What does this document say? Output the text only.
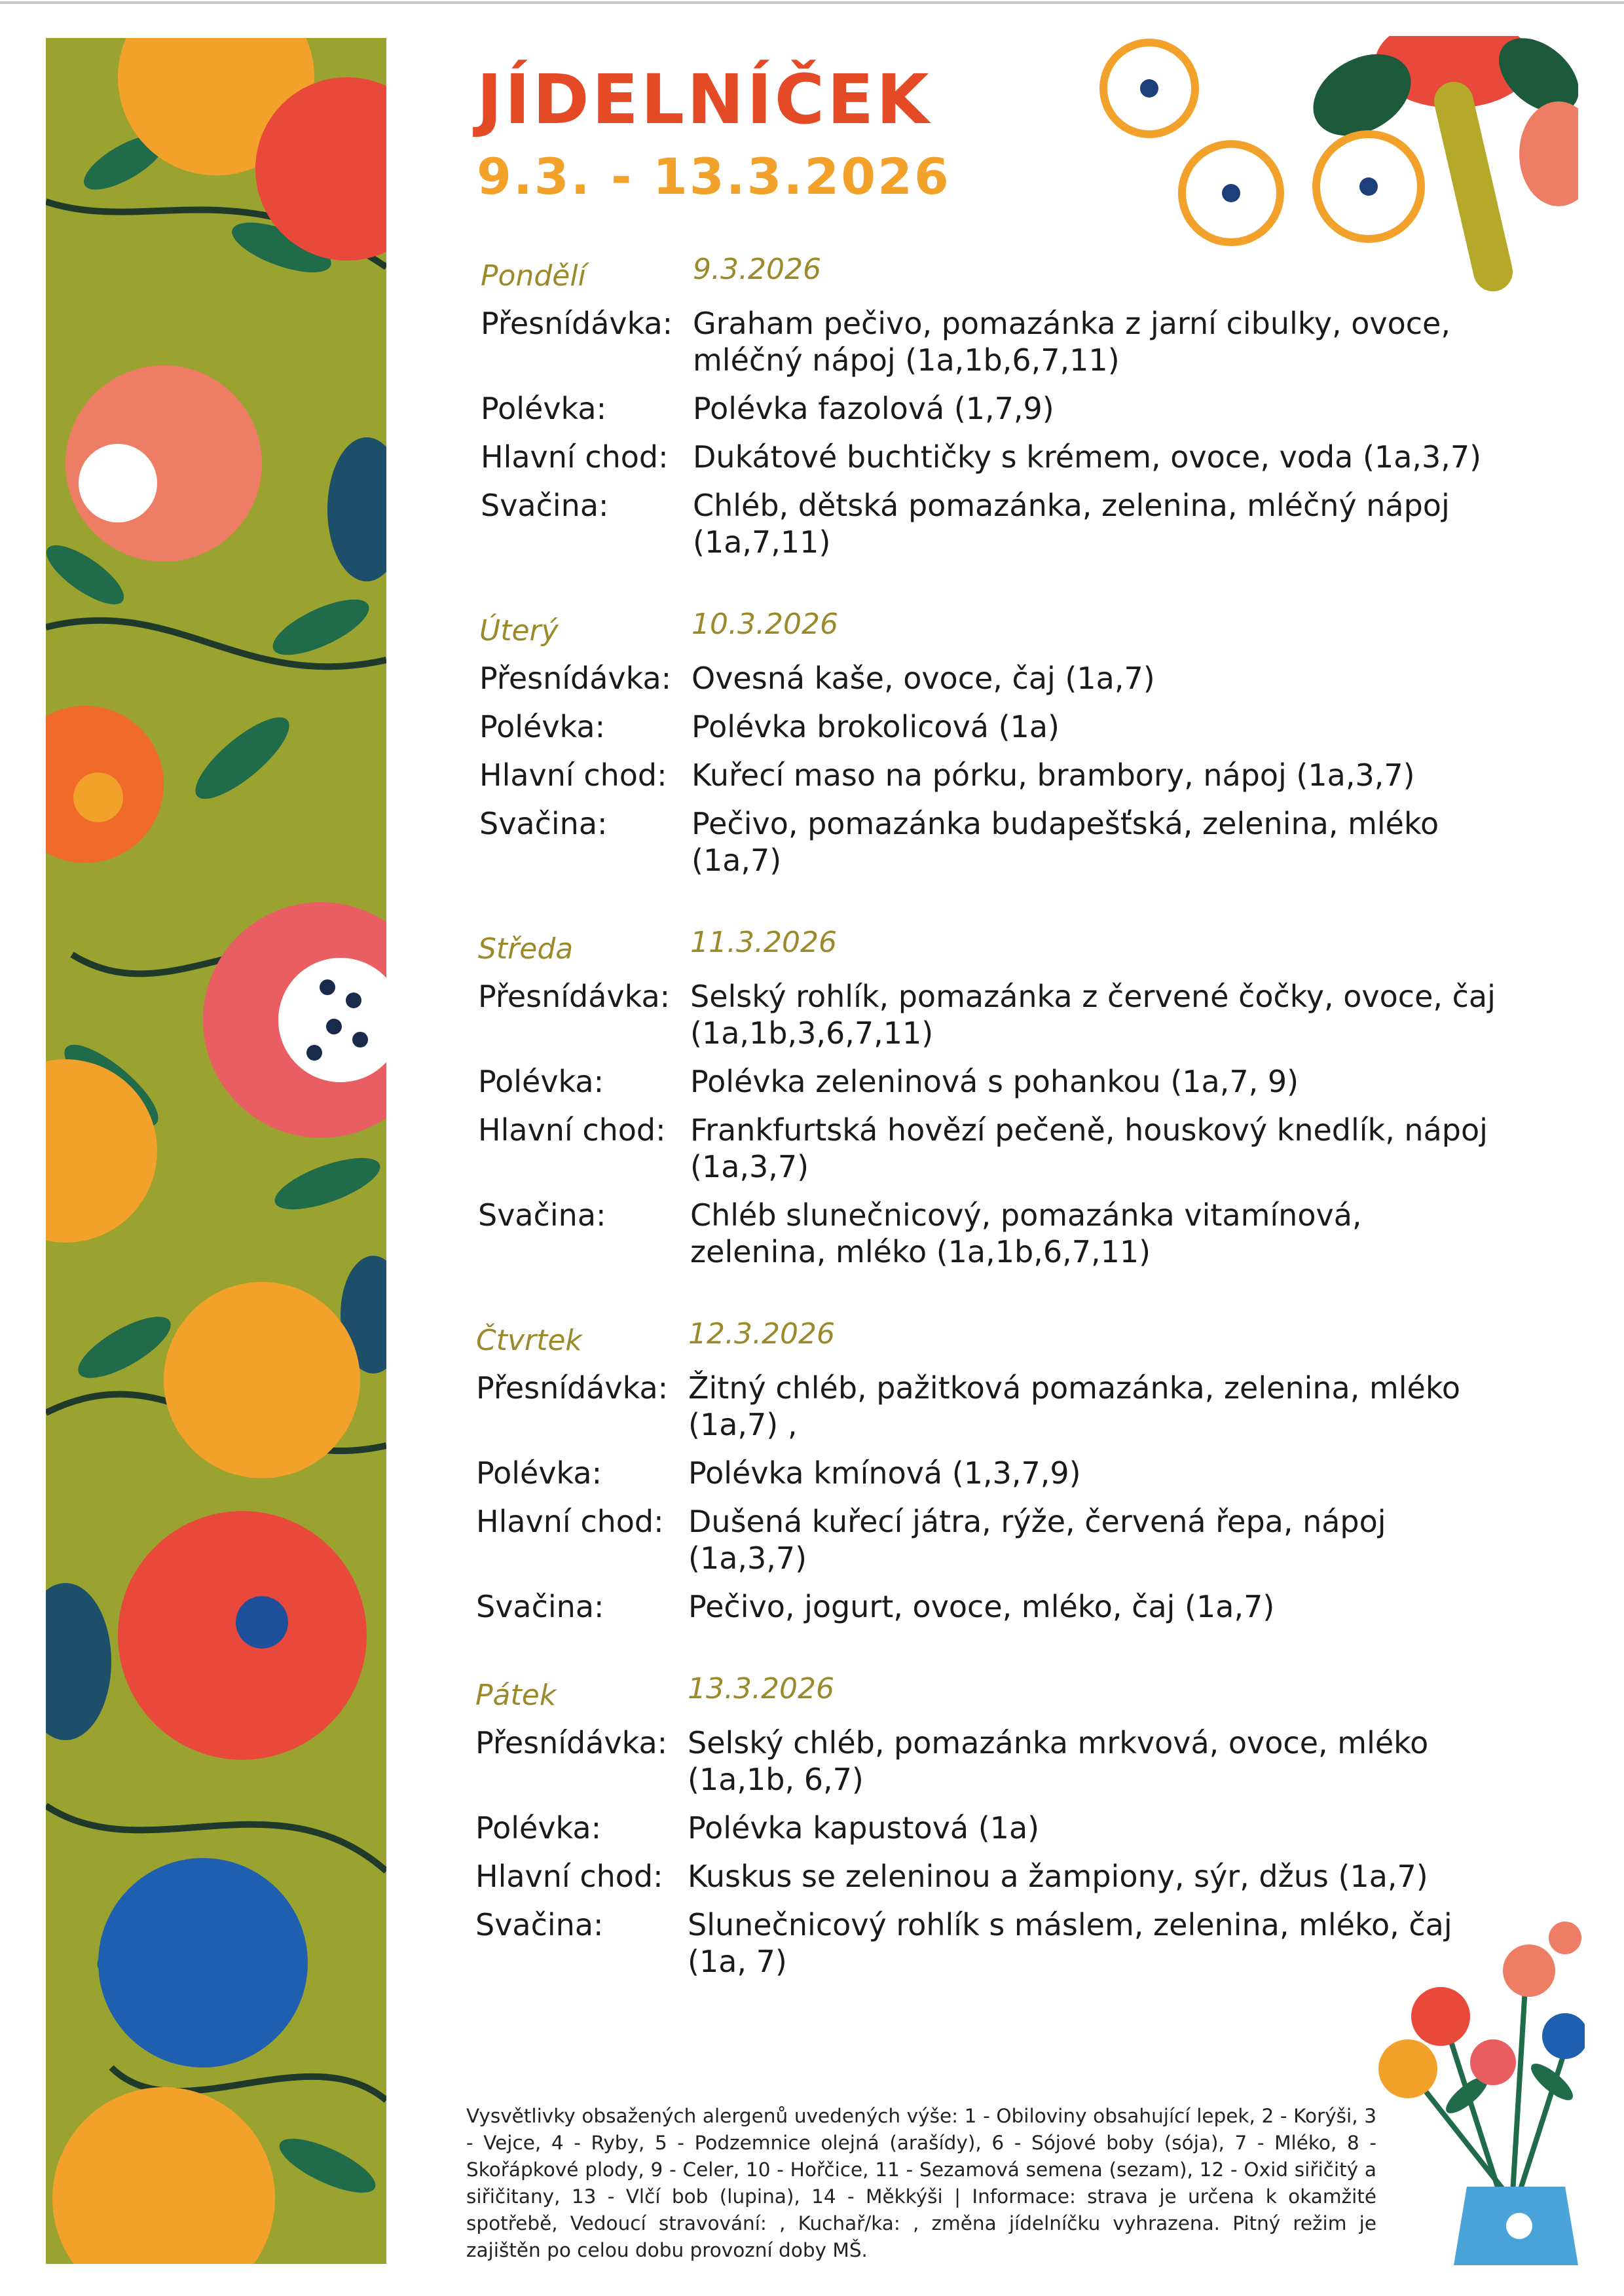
JÍDELNÍČEK
9.3. - 13.3.2026
Pondělí	9.3.2026
Přesnídávka: Graham pečivo, pomazánka z jarní cibulky, ovoce,
mléčný nápoj (1a,1b,6,7,11)
Polévka:	Polévka fazolová (1,7,9)
Hlavní chod: Dukátové buchtičky s krémem, ovoce, voda (1a,3,7)
Svačina:	Chléb, dětská pomazánka, zelenina, mléčný nápoj
(1a,7,11)
Úterý	10.3.2026
Přesnídávka: Ovesná kaše, ovoce, čaj (1a,7)
Polévka:	Polévka brokolicová (1a)
Hlavní chod: Kuřecí maso na pórku, brambory, nápoj (1a,3,7)
Svačina:	Pečivo, pomazánka budapešťská, zelenina, mléko
(1a,7)
Středa	11.3.2026
Přesnídávka: Selský rohlík, pomazánka z červené čočky, ovoce, čaj
(1a,1b,3,6,7,11)
Polévka:	Polévka zeleninová s pohankou (1a,7, 9)
Hlavní chod: Frankfurtská hovězí pečeně, houskový knedlík, nápoj
(1a,3,7)
Svačina:	Chléb slunečnicový, pomazánka vitamínová,
zelenina, mléko (1a,1b,6,7,11)
Čtvrtek	12.3.2026
Přesnídávka: Žitný chléb, pažitková pomazánka, zelenina, mléko
(1a,7) ,
Polévka:	Polévka kmínová (1,3,7,9)
Hlavní chod: Dušená kuřecí játra, rýže, červená řepa, nápoj
(1a,3,7)
Svačina:	Pečivo, jogurt, ovoce, mléko, čaj (1a,7)
Pátek	13.3.2026
Přesnídávka: Selský chléb, pomazánka mrkvová, ovoce, mléko
(1a,1b, 6,7)
Polévka:	Polévka kapustová (1a)
Hlavní chod: Kuskus se zeleninou a žampiony, sýr, džus (1a,7)
Svačina:	Slunečnicový rohlík s máslem, zelenina, mléko, čaj
(1a, 7)
Vysvětlivky obsažených alergenů uvedených výše: 1 - Obiloviny obsahující lepek, 2 - Korýši, 3 - Vejce, 4 - Ryby, 5 - Podzemnice olejná (arašídy), 6 - Sójové boby (sója), 7 - Mléko, 8 - Skořápkové plody, 9 - Celer, 10 - Hořčice, 11 - Sezamová semena (sezam), 12 - Oxid siřičitý a siřičitany, 13 - Vlčí bob (lupina), 14 - Měkkýši | Informace: strava je určena k okamžité spotřebě, Vedoucí stravování: , Kuchař/ka: , změna jídelníčku vyhrazena. Pitný režim je zajištěn po celou dobu provozní doby MŠ.
